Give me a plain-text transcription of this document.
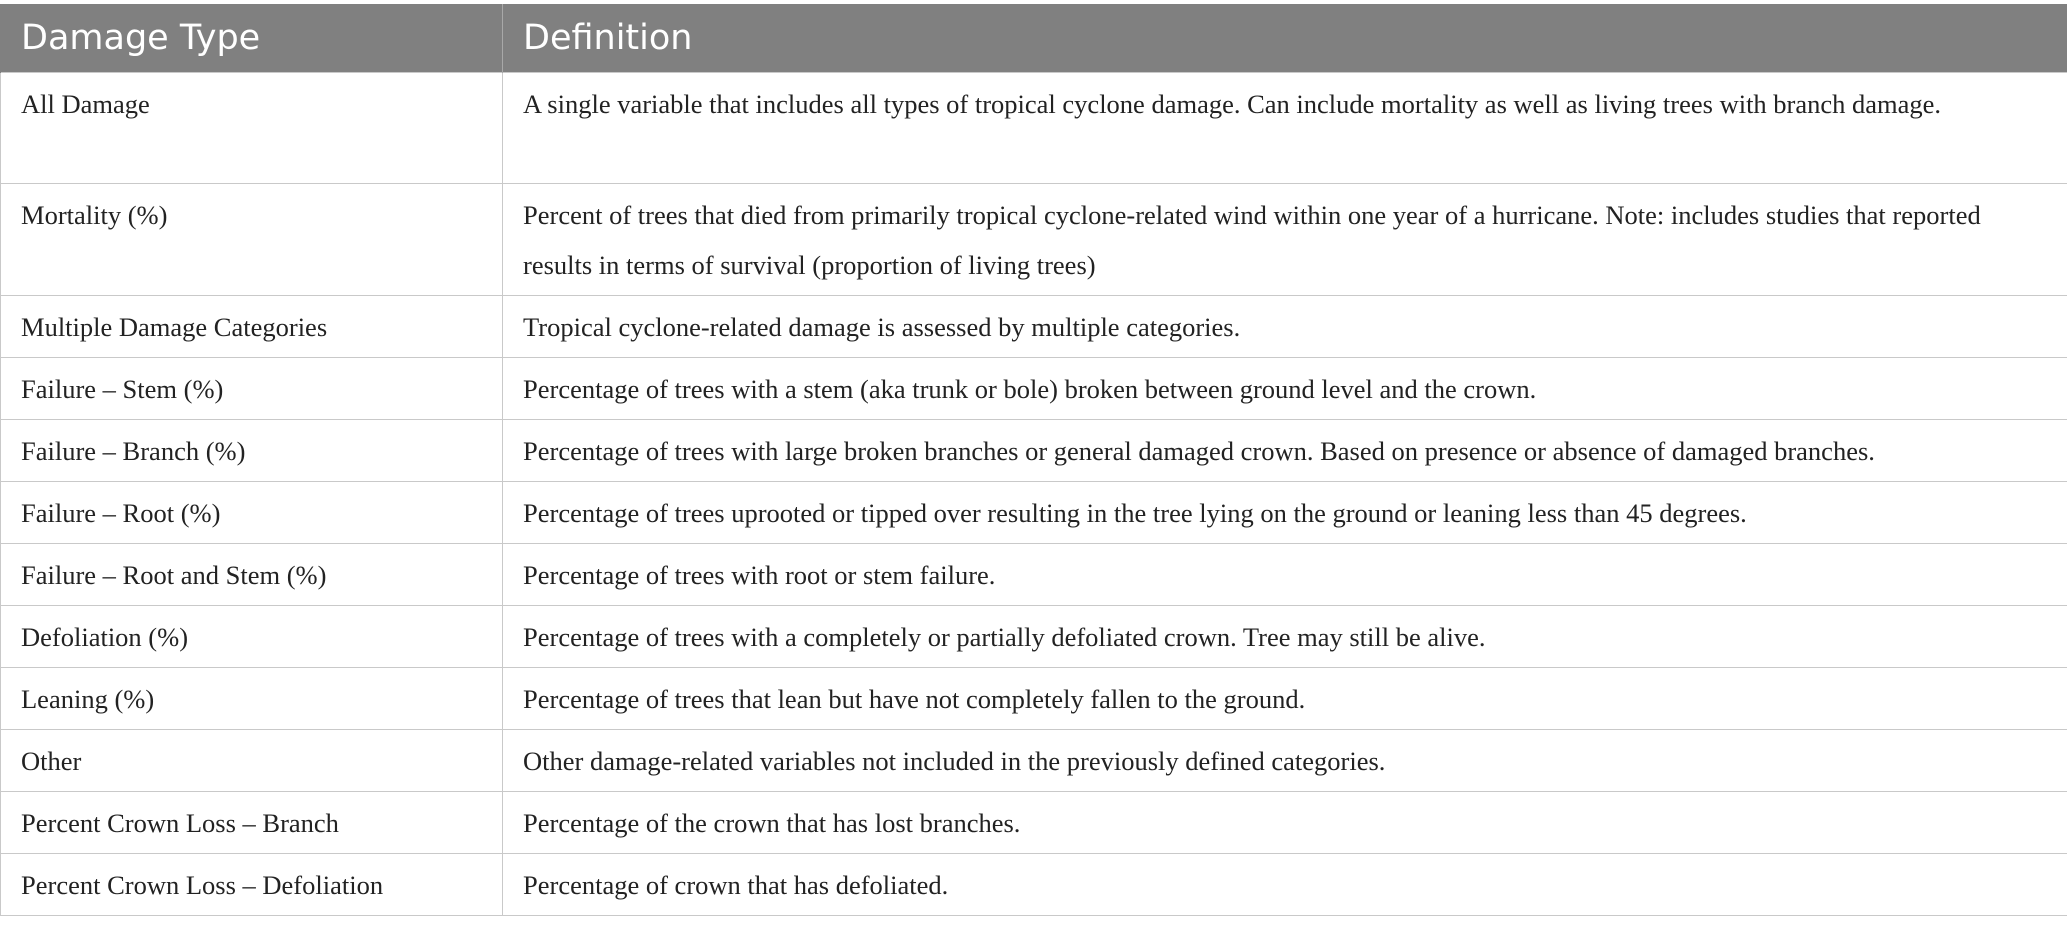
Damage Type	Definition
All Damage	A single variable that includes all types of tropical cyclone damage. Can include mortality as well as living trees with branch damage.
Mortality (%)	Percent of trees that died from primarily tropical cyclone-related wind within one year of a hurricane. Note: includes studies that reported results in terms of survival (proportion of living trees)
Multiple Damage Categories	Tropical cyclone-related damage is assessed by multiple categories.
Failure – Stem (%)	Percentage of trees with a stem (aka trunk or bole) broken between ground level and the crown.
Failure – Branch (%)	Percentage of trees with large broken branches or general damaged crown. Based on presence or absence of damaged branches.
Failure – Root (%)	Percentage of trees uprooted or tipped over resulting in the tree lying on the ground or leaning less than 45 degrees.
Failure – Root and Stem (%)	Percentage of trees with root or stem failure.
Defoliation (%)	Percentage of trees with a completely or partially defoliated crown. Tree may still be alive.
Leaning (%)	Percentage of trees that lean but have not completely fallen to the ground.
Other	Other damage-related variables not included in the previously defined categories.
Percent Crown Loss – Branch	Percentage of the crown that has lost branches.
Percent Crown Loss – Defoliation	Percentage of crown that has defoliated.
